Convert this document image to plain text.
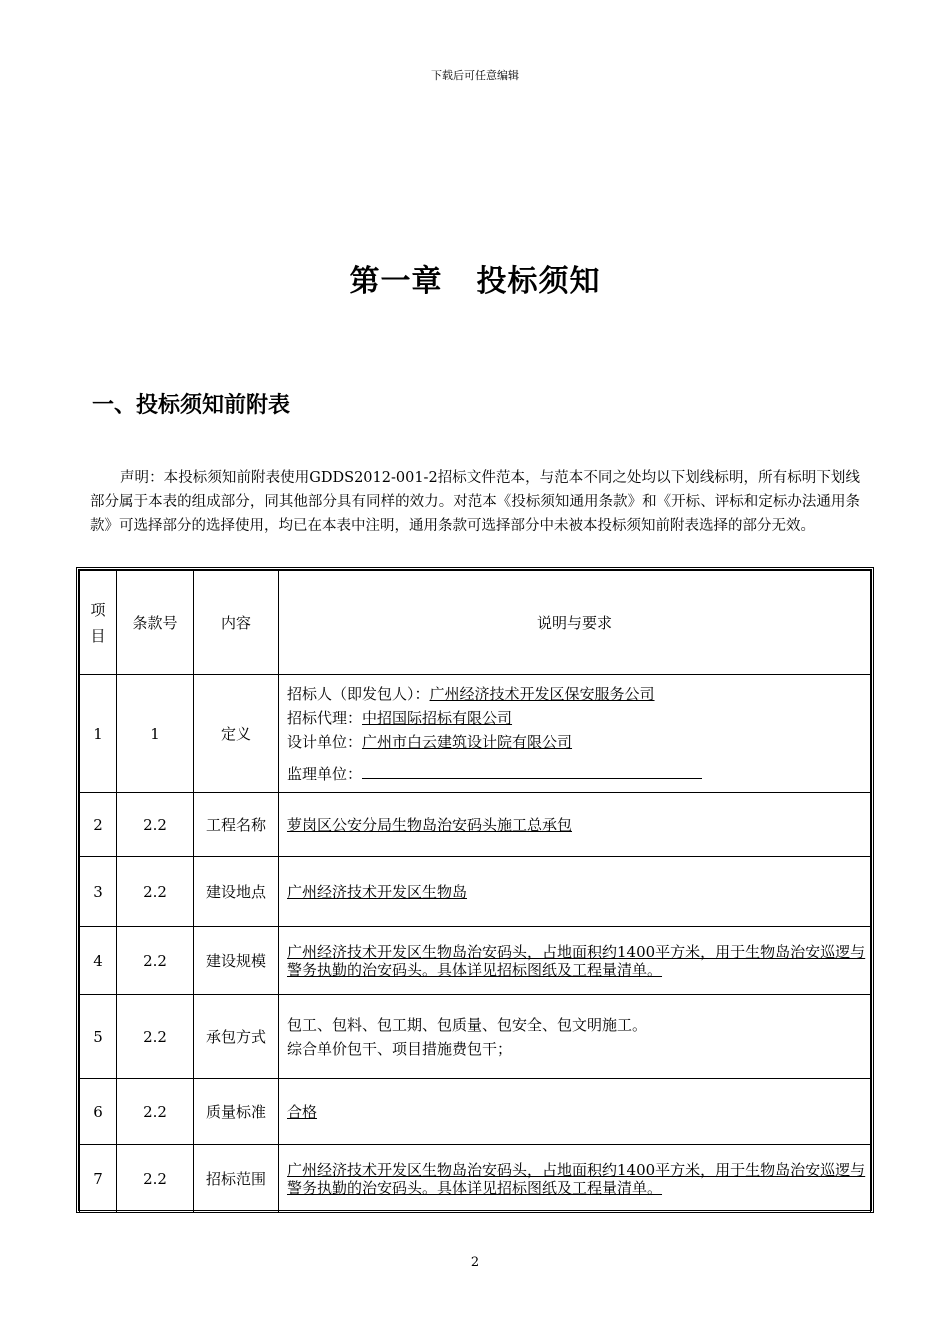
下载后可任意编辑
第一章 投标须知
一、投标须知前附表
声明：本投标须知前附表使用GDDS2012-001-2招标文件范本，与范本不同之处均以下划线标明，所有标明下划线部分属于本表的组成部分，同其他部分具有同样的效力。对范本《投标须知通用条款》和《开标、评标和定标办法通用条款》可选择部分的选择使用，均已在本表中注明，通用条款可选择部分中未被本投标须知前附表选择的部分无效。
项目	条款号	内容	说明与要求
1	1	定义	招标人（即发包人）：广州经济技术开发区保安服务公司
招标代理：中招国际招标有限公司
设计单位：广州市白云建筑设计院有限公司
监理单位：

2	2.2	工程名称	萝岗区公安分局生物岛治安码头施工总承包
3	2.2	建设地点	广州经济技术开发区生物岛
4	2.2	建设规模	广州经济技术开发区生物岛治安码头，占地面积约1400平方米，用于生物岛治安巡逻与警务执勤的治安码头。具体详见招标图纸及工程量清单。
5	2.2	承包方式	包工、包料、包工期、包质量、包安全、包文明施工。
综合单价包干、项目措施费包干；

6	2.2	质量标准	合格
7	2.2	招标范围	广州经济技术开发区生物岛治安码头，占地面积约1400平方米，用于生物岛治安巡逻与警务执勤的治安码头。具体详见招标图纸及工程量清单。
2
